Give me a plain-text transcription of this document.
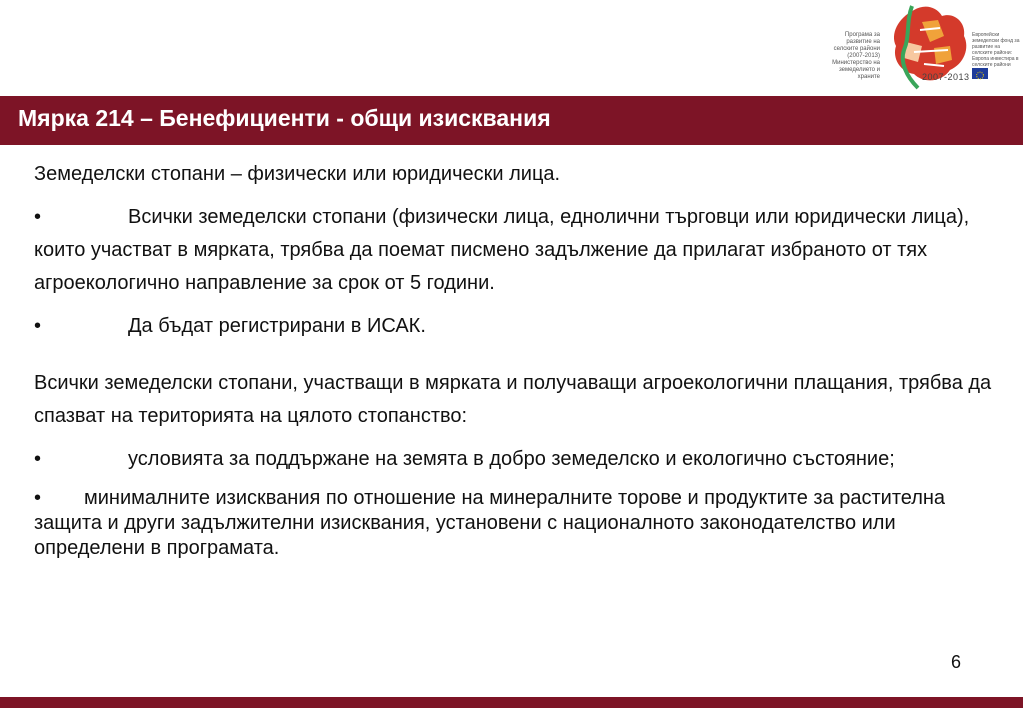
Програма за развитие на селските райони (2007-2013) Министерство на земеделието и храните	2007-2013
Европейски земеделски фонд за развитие на селските райони: Европа инвестира в селските райони
Мярка 214 – Бенефициенти - общи изисквания

Земеделски стопани – физически или юридически лица.

•	Всички земеделски стопани (физически лица, еднолични търговци или юридически лица), които участват в мярката, трябва да поемат писмено задължение да прилагат избраното от тях агроекологично направление за срок от 5 години.

•	Да бъдат регистрирани в ИСАК.

Всички земеделски стопани, участващи в мярката и получаващи агроекологични плащания, трябва да спазват на територията на цялото стопанство:

•	условията за поддържане на земята в добро земеделско и екологично състояние;

• минималните изисквания по отношение на минералните торове и продуктите за растителна защита и други задължителни изисквания, установени с националното законодателство или определени в програмата.

6
